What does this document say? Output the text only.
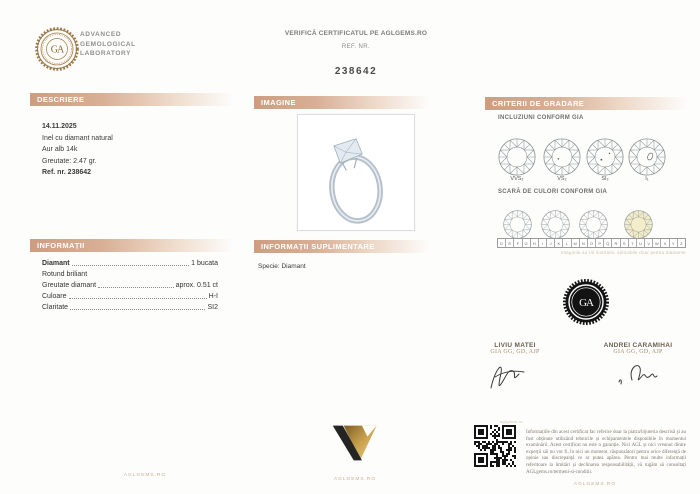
GA
ADVANCED
GEMOLOGICAL
LABORATORY
VERIFICĂ CERTIFICATUL PE AGLGEMS.RO
REF. NR.
238642
DESCRIERE	IMAGINE	CRITERII DE GRADARE
INFORMAȚII	INFORMAȚII SUPLIMENTARE
14.11.2025
Inel cu diamant natural
Aur alb 14k
Greutate: 2.47 gr.
Ref. nr. 238642
INCLUZIUNI CONFORM GIA
VVS₂	VS₂	SI₂	I₁
SCARĂ DE CULORI CONFORM GIA
D	E	F	G	H	I	J	K	L	M	N	O	P	Q	R	S	T	U	V	W	X	Y	Z
Imaginile au rol ilustrativ, aplicabile doar pentru diamante
Diamant	1 bucata
Rotund briliant
Greutate diamant	aprox. 0.51 ct
Culoare	H-I
Claritate	SI2
Specie: Diamant
GA
LIVIU MATEI
GIA GG, GD, AJP
ANDREI CARAMIHAI
GIA GG, GD, AJP
AGLGEMS.RO
AGLGEMS.RO
aglgems.ro
Informațiile din acest certificat fac referire doar la piatra/bijuteria descrisă și au fost obținute utilizând tehnicile și echipamentele disponibile în momentul examinării. Acest certificat nu este o garanție. Nici AGL și nici vreunul dintre experții săi nu vor fi, în nici un moment, răspunzători pentru orice diferență de opinie sau discrepanță ce ar putea apărea. Pentru mai multe informații referitoare la limitări și declinarea responsabilității, vă rugăm să consultați AGLgems.ro/termeni-si-conditii.
AGLGEMS.RO
